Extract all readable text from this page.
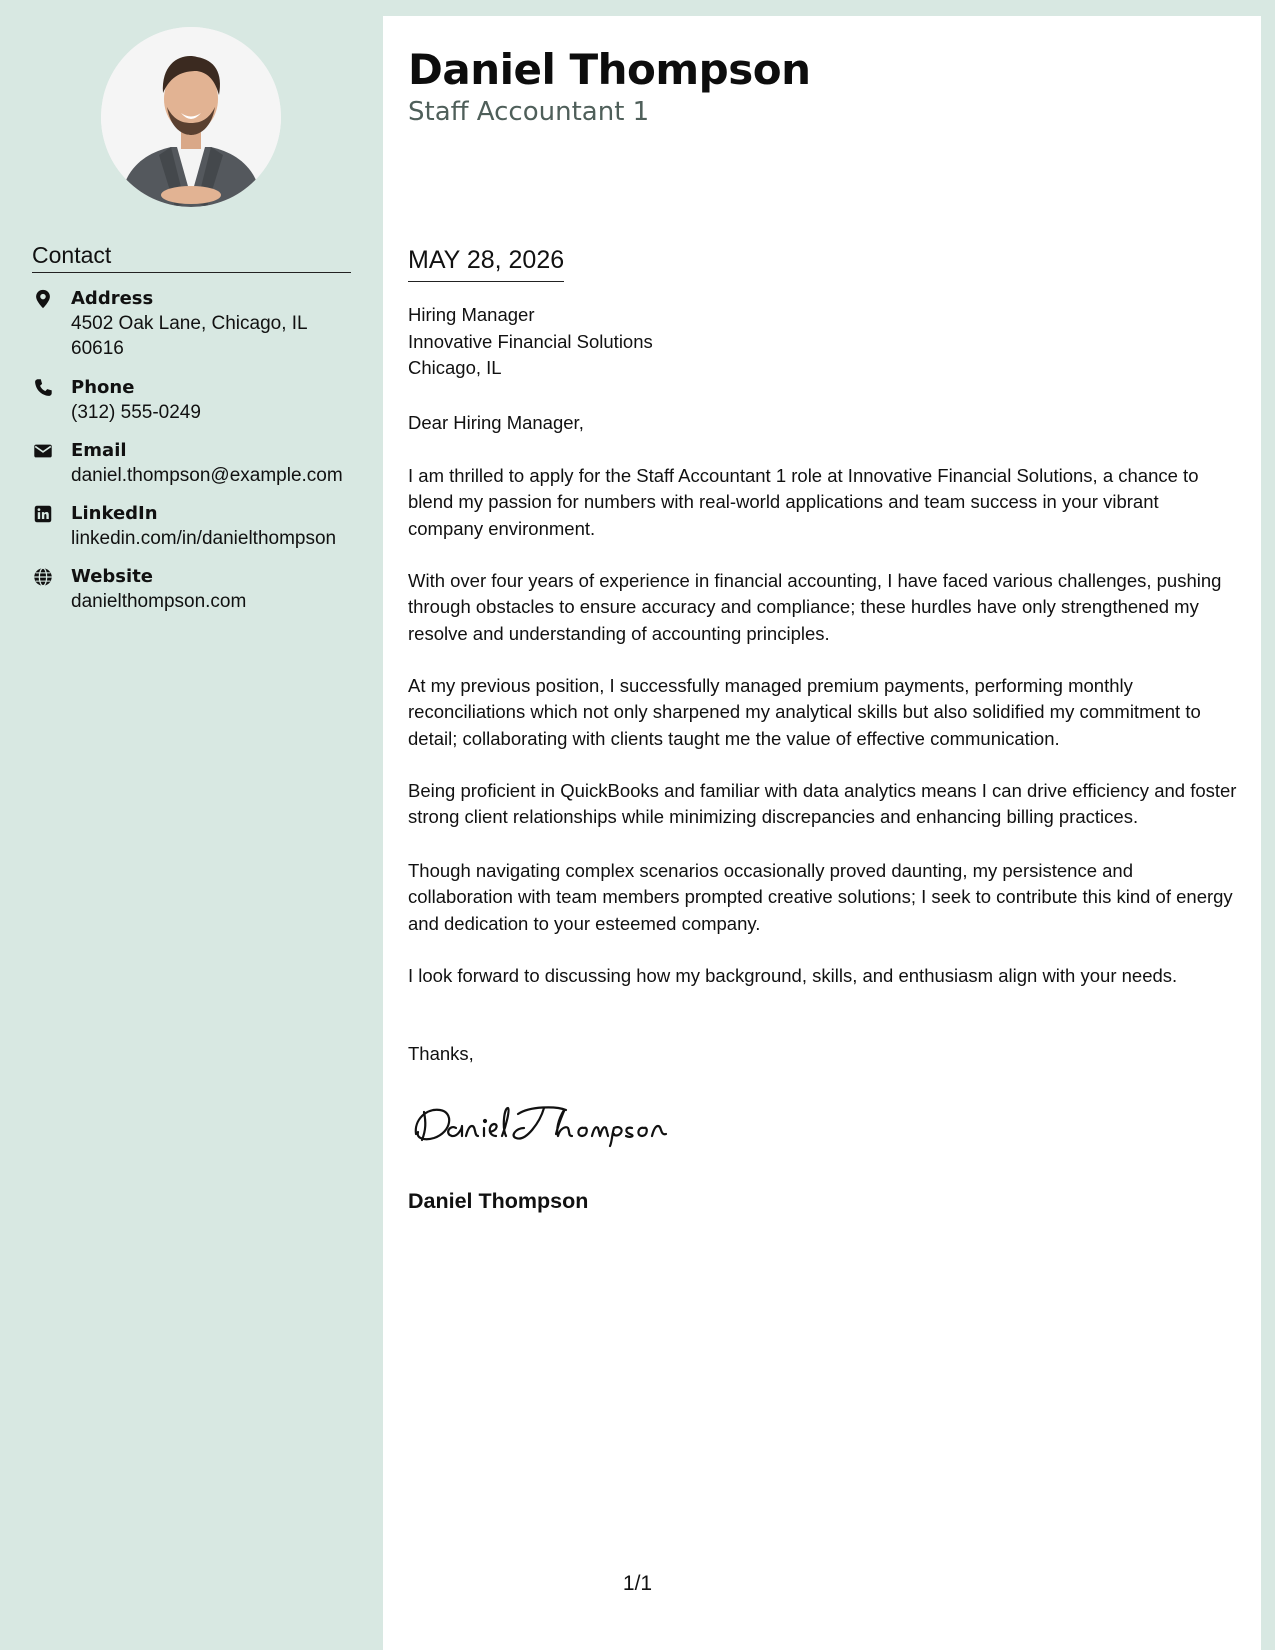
Contact
Address
4502 Oak Lane, Chicago, IL 60616
Phone
(312) 555-0249
Email
daniel.thompson@example.com
LinkedIn
linkedin.com/in/danielthompson
Website
danielthompson.com
Daniel Thompson
Staff Accountant 1
MAY 28, 2026
Hiring Manager
Innovative Financial Solutions
Chicago, IL
Dear Hiring Manager,
I am thrilled to apply for the Staff Accountant 1 role at Innovative Financial Solutions, a chance to blend my passion for numbers with real-world applications and team success in your vibrant company environment.
With over four years of experience in financial accounting, I have faced various challenges, pushing through obstacles to ensure accuracy and compliance; these hurdles have only strengthened my resolve and understanding of accounting principles.
At my previous position, I successfully managed premium payments, performing monthly reconciliations which not only sharpened my analytical skills but also solidified my commitment to detail; collaborating with clients taught me the value of effective communication.
Being proficient in QuickBooks and familiar with data analytics means I can drive efficiency and foster strong client relationships while minimizing discrepancies and enhancing billing practices.
Though navigating complex scenarios occasionally proved daunting, my persistence and collaboration with team members prompted creative solutions; I seek to contribute this kind of energy and dedication to your esteemed company.
I look forward to discussing how my background, skills, and enthusiasm align with your needs.
Thanks,
Daniel Thompson
1/1
